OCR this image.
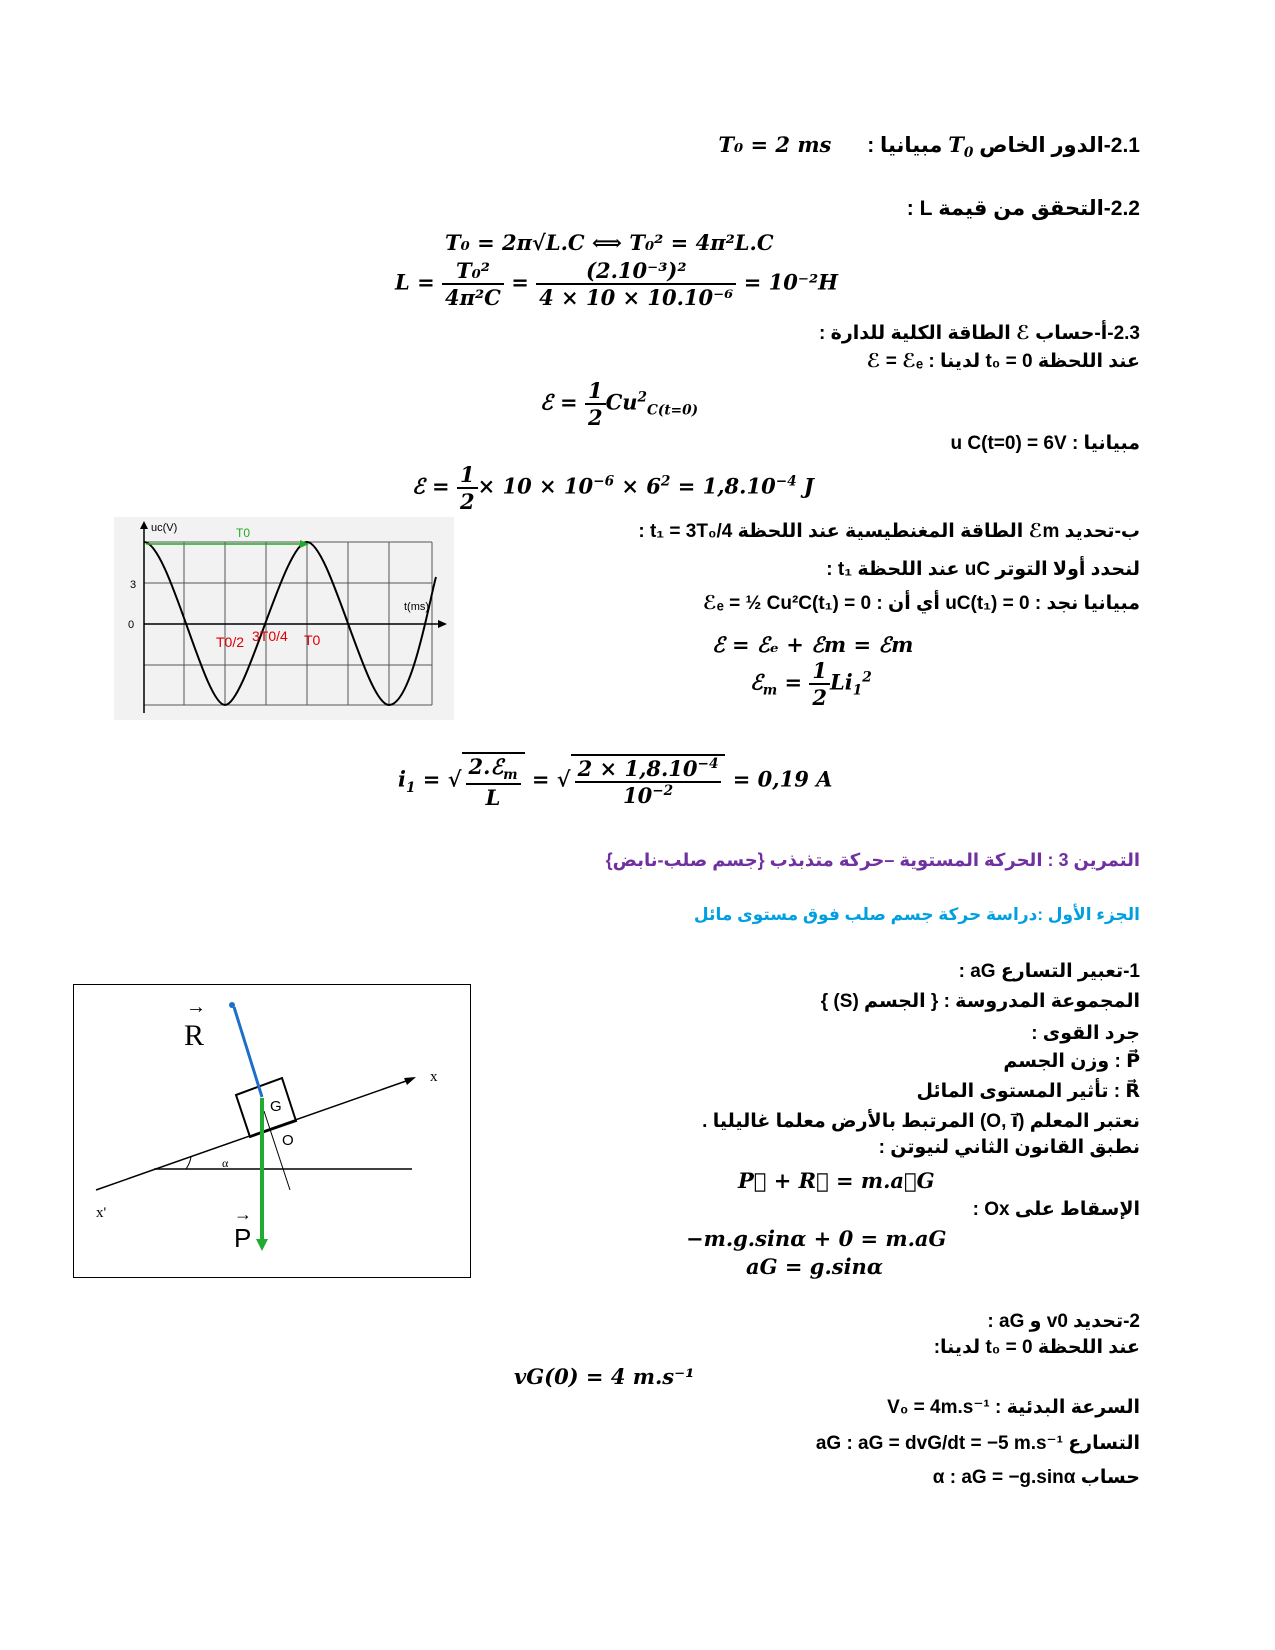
2.1-الدور الخاص $T_0$ مبيانيا : T₀ = 2 ms
2.2-التحقق من قيمة L :
T₀ = 2π√L.C ⟺ T₀² = 4π²L.C
$L = \frac{\text{T₀²}}{\text{4π²C}} = \frac{\text{(2.10⁻³)²}}{\text{4 × 10 × 10.10⁻⁶}} = 10^{-2}H$
2.3-أ-حساب ℰ الطاقة الكلية للدارة :
عند اللحظة t₀ = 0 لدينا : ℰ = ℰₑ
ℰ = $\frac{1}{2} Cu^2_{C(t=0)}$
مبيانيا : u C(t=0) = 6V
ℰ = $\frac{1}{2} \times 10 \times 10^{-6} \times 6^2 = 1,8.10^{-4}$ J
ب-تحديد ℰm الطاقة المغنطيسية عند اللحظة t₁ = 3T₀/4 :
لنحدد أولا التوتر uC عند اللحظة t₁ :
مبيانيا نجد : uC(t₁) = 0 أي أن : ℰₑ = ½ Cu²C(t₁) = 0
ℰ = ℰₑ + ℰm = ℰm
ℰ$_m$ = $\frac{1}{2} Li_1^2$
$i_1$ = √ $\frac{2.ℰ_m}{L}$ = √ $\frac{2 \times 1,8.10^{-4}}{10^{-2}} = 0,19$ A
uc(V)	T0
t(ms)
3
0
T0/2 3T0/4 T0
التمرين 3 : الحركة المستوية –حركة متذبذب {جسم صلب-نابض}
الجزء الأول :دراسة حركة جسم صلب فوق مستوى مائل
1-تعبير التسارع aG :
المجموعة المدروسة : { الجسم (S) }
جرد القوى :
P⃗ : وزن الجسم
R⃗ : تأثير المستوى المائل
نعتبر المعلم (O, i⃗) المرتبط بالأرض معلما غاليليا .
نطبق القانون الثاني لنيوتن :
P⃗ + R⃗ = m.a⃗G
الإسقاط على Ox :
−m.g.sinα + 0 = m.aG
aG = g.sinα
R
→
P
→
G
O
x
x'
α
2-تحديد v0 و aG :
عند اللحظة t₀ = 0 لدينا:
vG(0) = 4 m.s⁻¹
السرعة البدئية : V₀ = 4m.s⁻¹
التسارع aG : aG = dvG/dt = −5 m.s⁻¹
حساب α : aG = −g.sinα
